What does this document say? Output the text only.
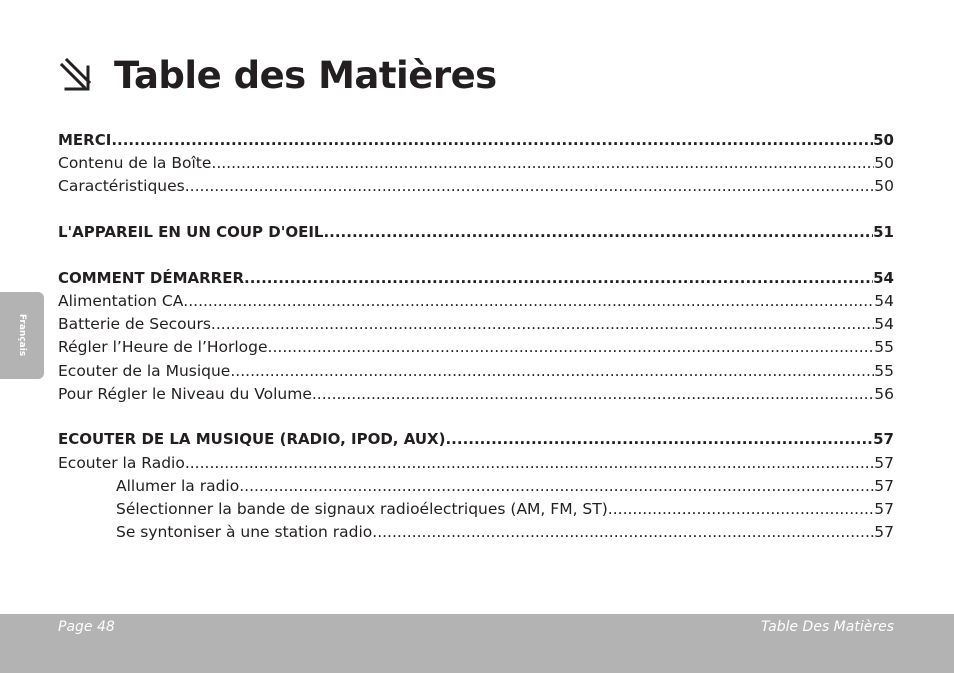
Table des Matières
Français
MERCI .....	50
Contenu de la Boîte .....	50
Caractéristiques .....	50
L'APPAREIL EN UN COUP D'OEIL .....	51
COMMENT DÉMARRER .....	54
Alimentation CA .....	54
Batterie de Secours .....	54
Régler l’Heure de l’Horloge .....	55
Ecouter de la Musique .....	55
Pour Régler le Niveau du Volume .....	56
ECOUTER DE LA MUSIQUE (RADIO, IPOD, AUX) .....	57
Ecouter la Radio .....	57
Allumer la radio .....	57
Sélectionner la bande de signaux radioélectriques (AM, FM, ST) .....	57
Se syntoniser à une station radio .....	57
Page 48	Table Des Matières
